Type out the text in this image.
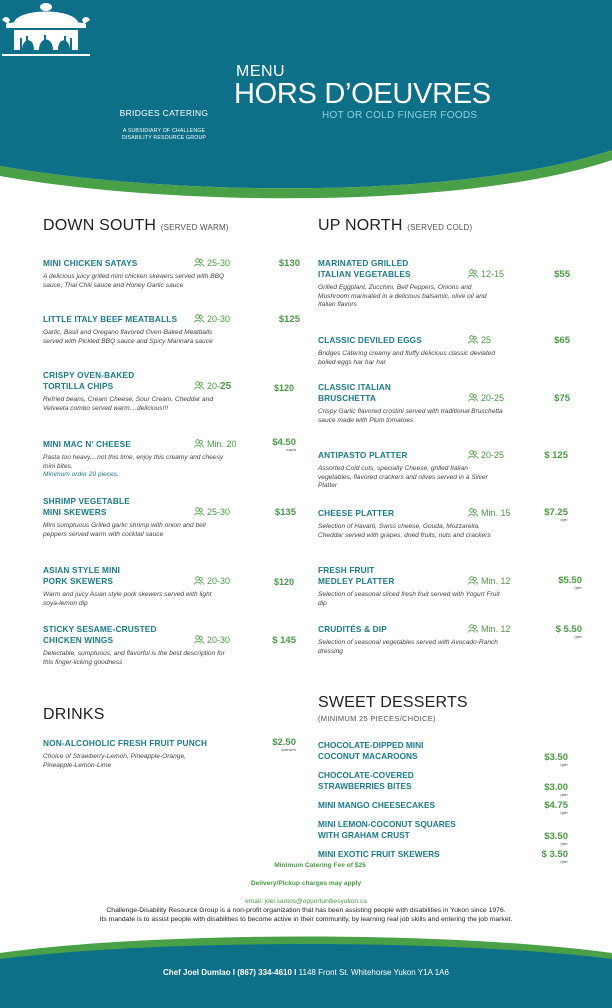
BRIDGES CATERING
A SUBSIDIARY OF CHALLENGE
DISABILITY RESOURCE GROUP
MENU
HORS D’OEUVRES
HOT OR COLD FINGER FOODS
DOWN SOUTH (SERVED WARM)
MINI CHICKEN SATAYS
A delicious juicy grilled mini chicken skewers served with BBQ sauce, Thai Chili sauce and Honey Garlic sauce
25-30	$130
LITTLE ITALY BEEF MEATBALLS
Garlic, Basil and Oregano flavored Oven-Baked Meatballs served with Pickled BBQ sauce and Spicy Marinara sauce
20-30	$125
CRISPY OVEN-BAKED
TORTILLA CHIPS
Refried beans, Cream Cheese, Sour Cream, Cheddar and Velveeta combo served warm....delicious!!!
20-25	$120
MINI MAC N’ CHEESE
Pasta too heavy....not this time, enjoy this creamy and cheesy mini bites.
Minimum order 20 pieces.
Min. 20	$4.50
each
SHRIMP VEGETABLE
MINI SKEWERS
Mini sumptuous Grilled garlic shrimp with onion and bell peppers served warm with cocktail sauce
25-30	$135
ASIAN STYLE MINI
PORK SKEWERS
Warm and juicy Asian style pork skewers served with light soya-lemon dip
20-30	$120
STICKY SESAME-CRUSTED
CHICKEN WINGS
Delectable, sumptuous, and flavorful is the best description for this finger-licking goodness
20-30	$ 145
UP NORTH (SERVED COLD)
MARINATED GRILLED
ITALIAN VEGETABLES
Grilled Eggplant, Zucchini, Bell Peppers, Onions and Mushroom marinated in a delicious balsamic, olive oil and Italian flavors
12-15	$55
CLASSIC DEVILED EGGS
Bridges Catering creamy and fluffy delicious classic deviated boiled eggs har har har
25	$65
CLASSIC ITALIAN
BRUSCHETTA
Crispy Garlic flavored crostini served with traditional Bruschetta sauce made with Plum tomatoes
20-25	$75
ANTIPASTO PLATTER
Assorted Cold cuts, specialty Cheese, grilled Italian vegetables, flavored crackers and olives served in a Silver Platter
20-25	$ 125
CHEESE PLATTER
Selection of Havarti, Swiss cheese, Gouda, Mozzarella, Cheddar served with grapes, dried fruits, nuts and crackers
Min. 15	$7.25
/per
FRESH FRUIT
MEDLEY PLATTER
Selection of seasonal sliced fresh fruit served with Yogurt Fruit dip
Min. 12	$5.50
/per
CRUDITÉS & DIP
Selection of seasonal vegetables served with Avocado-Ranch dressing
Min. 12	$ 5.50
/per
DRINKS
NON-ALCOHOLIC FRESH FRUIT PUNCH
Choice of Strawberry-Lemon, Pineapple-Orange, Pineapple-Lemon-Lime
$2.50
/person
SWEET DESSERTS
(MINIMUM 25 PIECES/CHOICE)
CHOCOLATE-DIPPED MINI
COCONUT MACAROONS	$3.50
/per
CHOCOLATE-COVERED
STRAWBERRIES BITES	$3.00
/per
MINI MANGO CHEESECAKES	$4.75
/per
MINI LEMON-COCONUT SQUARES
WITH GRAHAM CRUST	$3.50
/per
MINI EXOTIC FRUIT SKEWERS	$ 3.50
/per
Minimum Catering Fee of $25
Delivery/Pickup charges may apply
email: joel.santos@opportunitiesyukon.ca
Challenge-Disability Resource Group is a non-profit organization that has been assisting people with disabilities in Yukon since 1976.
Its mandate is to assist people with disabilities to become active in their community, by learning real job skills and entering the job market.
Chef Joel Dumlao I (867) 334-4610 I 1148 Front St. Whitehorse Yukon Y1A 1A6
